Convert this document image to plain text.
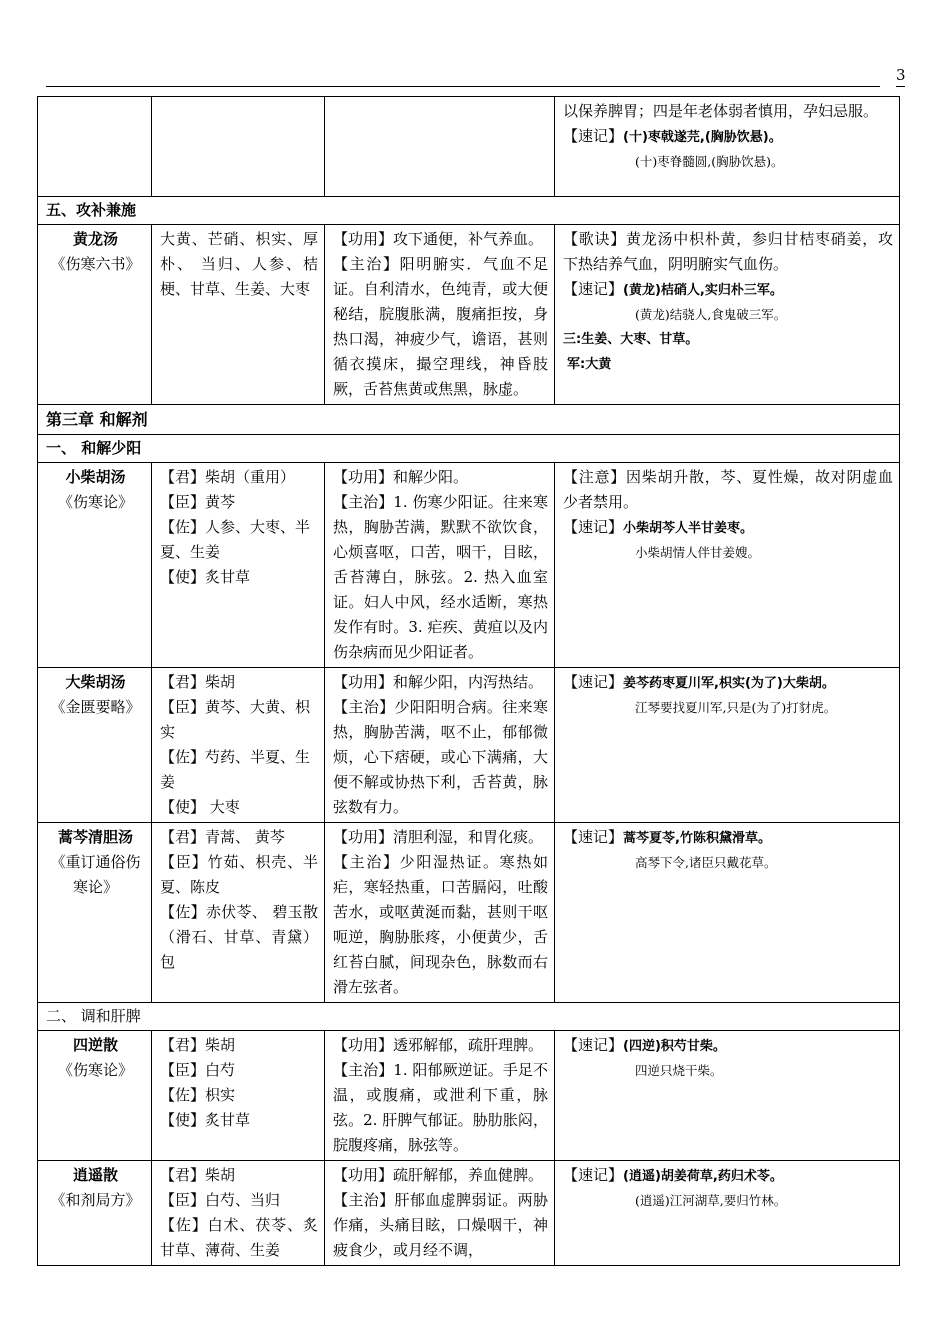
3

			以保养脾胃；四是年老体弱者慎用，孕妇忌服。
【速记】(十)枣戟遂芫,(胸胁饮悬)。
(十)枣脊髓圆,(胸胁饮悬)。

五、攻补兼施			

黄龙汤
《伤寒六书》	大黄、芒硝、枳实、厚朴、 当归、人参、桔梗、甘草、生姜、大枣	【功用】攻下通便，补气养血。
【主治】阳明腑实．气血不足证。自利清水，色纯青，或大便秘结，脘腹胀满，腹痛拒按，身热口渴，神疲少气，谵语，甚则循衣摸床，撮空理线，神昏肢厥，舌苔焦黄或焦黑，脉虚。	【歌诀】黄龙汤中枳朴黄，参归甘桔枣硝姜，攻下热结养气血，阴明腑实气血伤。
【速记】(黄龙)桔硝人,实归朴三军。
(黄龙)结骁人,食鬼破三军。
三:生姜、大枣、甘草。
军:大黄

第三章 和解剂			
一、 和解少阳			

小柴胡汤
《伤寒论》	【君】柴胡（重用）
【臣】黄芩
【佐】人参、大枣、半夏、生姜
【使】炙甘草	【功用】和解少阳。
【主治】1. 伤寒少阳证。往来寒热，胸胁苦满，默默不欲饮食，心烦喜呕，口苦，咽干，目眩，舌苔薄白，脉弦。2. 热入血室证。妇人中风，经水适断，寒热发作有时。3. 疟疾、黄疸以及内伤杂病而见少阳证者。	【注意】因柴胡升散，芩、夏性燥，故对阴虚血少者禁用。
【速记】小柴胡芩人半甘姜枣。
小柴胡情人伴甘姜嫂。

大柴胡汤
《金匮要略》	【君】柴胡
【臣】黄芩、大黄、枳实
【佐】芍药、半夏、生姜
【使】 大枣	【功用】和解少阳，内泻热结。
【主治】少阳阳明合病。往来寒热，胸胁苦满，呕不止，郁郁微烦，心下痞硬，或心下满痛，大便不解或协热下利，舌苔黄，脉弦数有力。	【速记】姜芩药枣夏川军,枳实(为了)大柴胡。
江琴要找夏川军,只是(为了)打豺虎。

蒿芩清胆汤
《重订通俗伤寒论》	【君】青蒿、 黄芩
【臣】竹茹、枳壳、半夏、陈皮
【佐】赤伏苓、 碧玉散（滑石、甘草、青黛）包	【功用】清胆利湿，和胃化痰。
【主治】少阳湿热证。寒热如疟，寒轻热重，口苦膈闷，吐酸苦水，或呕黄涎而黏，甚则干呕呃逆，胸胁胀疼，小便黄少，舌红苔白腻，间现杂色，脉数而右滑左弦者。	【速记】蒿芩夏苓,竹陈积黛滑草。
高琴下令,诸臣只戴花草。

二、 调和肝脾			

四逆散
《伤寒论》	【君】柴胡
【臣】白芍
【佐】枳实
【使】炙甘草	【功用】透邪解郁，疏肝理脾。
【主治】1. 阳郁厥逆证。手足不温，或腹痛，或泄利下重，脉弦。2. 肝脾气郁证。胁肋胀闷，脘腹疼痛，脉弦等。	【速记】(四逆)积芍甘柴。
四逆只烧干柴。

逍遥散
《和剂局方》	【君】柴胡
【臣】白芍、当归
【佐】白术、茯苓、炙甘草、薄荷、生姜	【功用】疏肝解郁，养血健脾。
【主治】肝郁血虚脾弱证。两胁作痛，头痛目眩，口燥咽干，神疲食少，或月经不调，	【速记】(逍遥)胡姜荷草,药归术苓。
(逍遥)江河湖草,要归竹林。
